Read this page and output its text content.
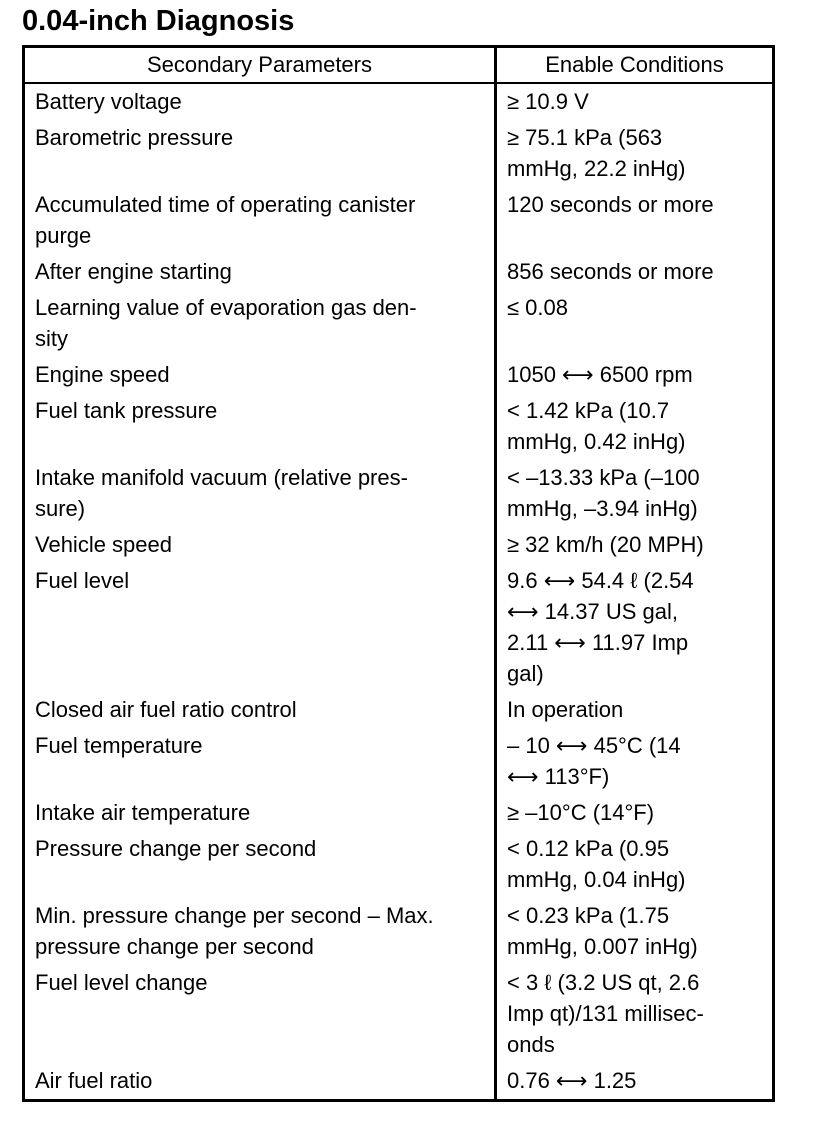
0.04-inch Diagnosis
Secondary Parameters	Enable Conditions
Battery voltage	≥ 10.9 V
Barometric pressure	≥ 75.1 kPa (563
mmHg, 22.2 inHg)
Accumulated time of operating canister
purge	120 seconds or more
After engine starting	856 seconds or more
Learning value of evaporation gas den-
sity	≤ 0.08
Engine speed	1050 ⟷ 6500 rpm
Fuel tank pressure	< 1.42 kPa (10.7
mmHg, 0.42 inHg)
Intake manifold vacuum (relative pres-
sure)	< –13.33 kPa (–100
mmHg, –3.94 inHg)
Vehicle speed	≥ 32 km/h (20 MPH)
Fuel level	9.6 ⟷ 54.4 ℓ (2.54
⟷ 14.37 US gal,
2.11 ⟷ 11.97 Imp
gal)
Closed air fuel ratio control	In operation
Fuel temperature	– 10 ⟷ 45°C (14
⟷ 113°F)
Intake air temperature	≥ –10°C (14°F)
Pressure change per second	< 0.12 kPa (0.95
mmHg, 0.04 inHg)
Min. pressure change per second – Max.
pressure change per second	< 0.23 kPa (1.75
mmHg, 0.007 inHg)
Fuel level change	< 3 ℓ (3.2 US qt, 2.6
Imp qt)/131 millisec-
onds
Air fuel ratio	0.76 ⟷ 1.25
